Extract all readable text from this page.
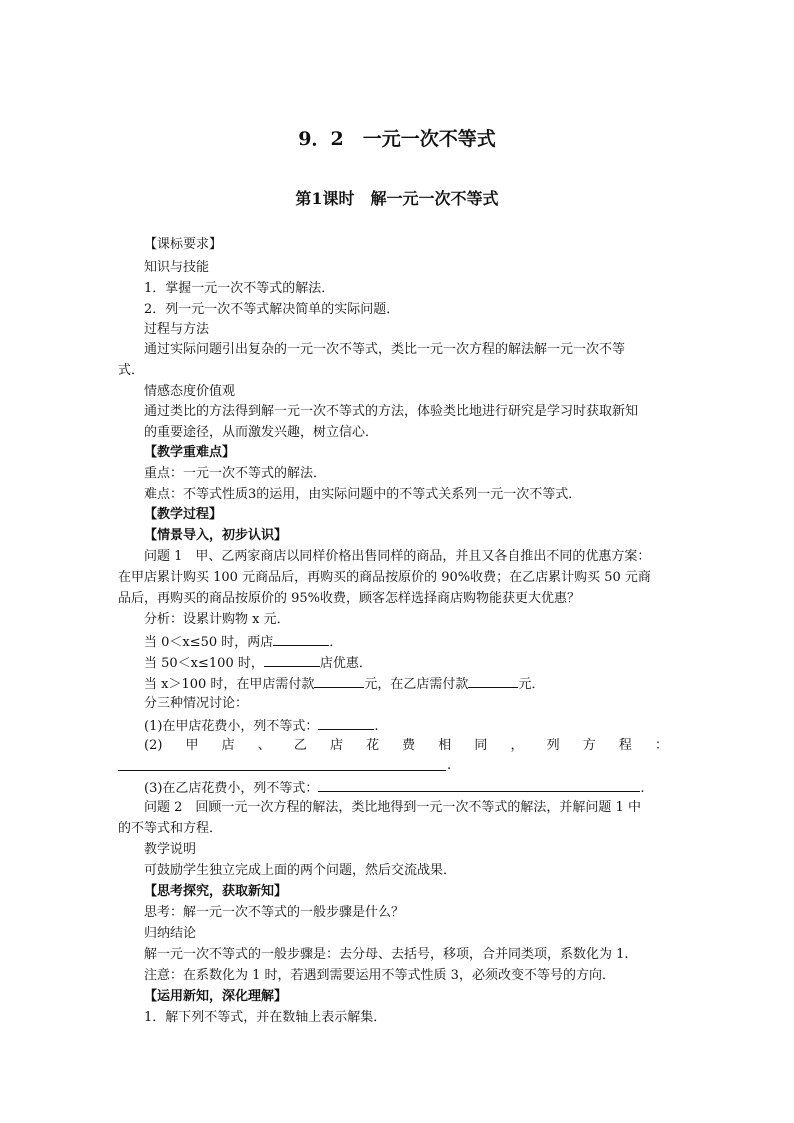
9．2　一元一次不等式
第1课时　解一元一次不等式
【课标要求】
知识与技能
1．掌握一元一次不等式的解法．
2．列一元一次不等式解决简单的实际问题．
过程与方法
通过实际问题引出复杂的一元一次不等式，类比一元一次方程的解法解一元一次不等
式．
情感态度价值观
通过类比的方法得到解一元一次不等式的方法，体验类比地进行研究是学习时获取新知
的重要途径，从而激发兴趣，树立信心．
【教学重难点】
重点：一元一次不等式的解法．
难点：不等式性质3的运用，由实际问题中的不等式关系列一元一次不等式．
【教学过程】
【情景导入，初步认识】
问题 1　甲、乙两家商店以同样价格出售同样的商品，并且又各自推出不同的优惠方案：
在甲店累计购买 100 元商品后，再购买的商品按原价的 90%收费；在乙店累计购买 50 元商
品后，再购买的商品按原价的 95%收费，顾客怎样选择商店购物能获更大优惠？
分析：设累计购物 x 元．
当 0＜x≤50 时，两店	．
当 50＜x≤100 时，	店优惠．
当 x＞100 时，在甲店需付款	元，在乙店需付款	元．
分三种情况讨论：
(1)在甲店花费小，列不等式：	.
(2) 甲 店 、 乙 店 花 费 相 同 ， 列 方 程 ：
.
(3)在乙店花费小，列不等式：	.
问题 2　回顾一元一次方程的解法，类比地得到一元一次不等式的解法，并解问题 1 中
的不等式和方程．
教学说明
可鼓励学生独立完成上面的两个问题，然后交流战果．
【思考探究，获取新知】
思考：解一元一次不等式的一般步骤是什么？
归纳结论
解一元一次不等式的一般步骤是：去分母、去括号，移项，合并同类项，系数化为 1.
注意：在系数化为 1 时，若遇到需要运用不等式性质 3，必须改变不等号的方向．
【运用新知，深化理解】
1．解下列不等式，并在数轴上表示解集．
